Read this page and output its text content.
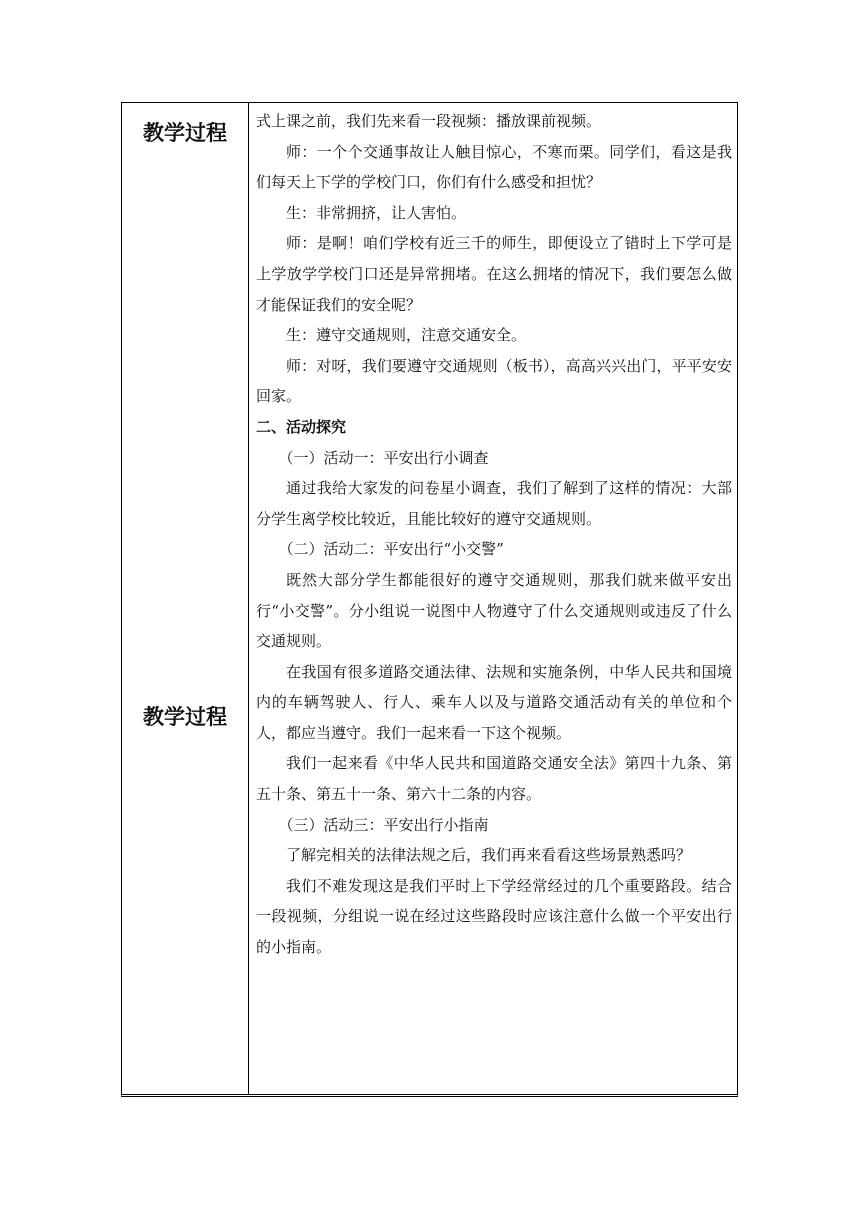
教学过程
教学过程

式上课之前，我们先来看一段视频：播放课前视频。

师：一个个交通事故让人触目惊心，不寒而栗。同学们，看这是我们每天上下学的学校门口，你们有什么感受和担忧？

生：非常拥挤，让人害怕。

师：是啊！咱们学校有近三千的师生，即便设立了错时上下学可是上学放学学校门口还是异常拥堵。在这么拥堵的情况下，我们要怎么做才能保证我们的安全呢？

生：遵守交通规则，注意交通安全。

师：对呀，我们要遵守交通规则（板书），高高兴兴出门，平平安安回家。

二、活动探究

（一）活动一：平安出行小调查

通过我给大家发的问卷星小调查，我们了解到了这样的情况：大部分学生离学校比较近，且能比较好的遵守交通规则。

（二）活动二：平安出行“小交警”

既然大部分学生都能很好的遵守交通规则，那我们就来做平安出行“小交警”。分小组说一说图中人物遵守了什么交通规则或违反了什么交通规则。

在我国有很多道路交通法律、法规和实施条例，中华人民共和国境内的车辆驾驶人、行人、乘车人以及与道路交通活动有关的单位和个人，都应当遵守。我们一起来看一下这个视频。

我们一起来看《中华人民共和国道路交通安全法》第四十九条、第五十条、第五十一条、第六十二条的内容。

（三）活动三：平安出行小指南

了解完相关的法律法规之后，我们再来看看这些场景熟悉吗？

我们不难发现这是我们平时上下学经常经过的几个重要路段。结合一段视频，分组说一说在经过这些路段时应该注意什么做一个平安出行的小指南。
